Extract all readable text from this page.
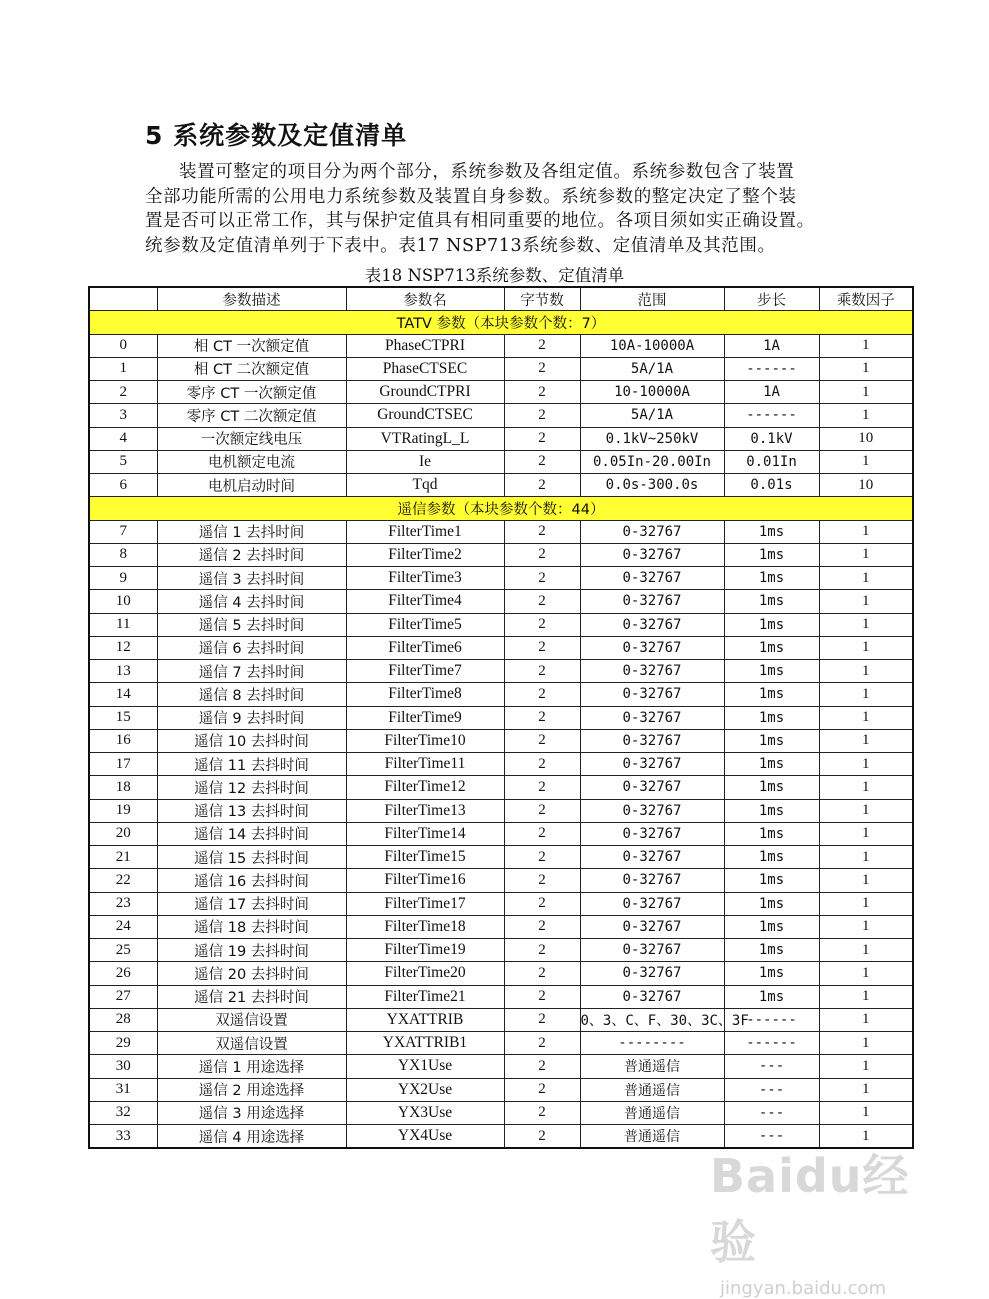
5 系统参数及定值清单
装置可整定的项目分为两个部分，系统参数及各组定值。系统参数包含了装置
全部功能所需的公用电力系统参数及装置自身参数。系统参数的整定决定了整个装
置是否可以正常工作，其与保护定值具有相同重要的地位。各项目须如实正确设置。
统参数及定值清单列于下表中。表17 NSP713系统参数、定值清单及其范围。
表18 NSP713系统参数、定值清单
	参数描述	参数名	字节数	范围	步长	乘数因子
TATV 参数（本块参数个数：7）						
0	相 CT 一次额定值	PhaseCTPRI	2	10A-10000A	1A	1
1	相 CT 二次额定值	PhaseCTSEC	2	5A/1A	------	1
2	零序 CT 一次额定值	GroundCTPRI	2	10-10000A	1A	1
3	零序 CT 二次额定值	GroundCTSEC	2	5A/1A	------	1
4	一次额定线电压	VTRatingL_L	2	0.1kV~250kV	0.1kV	10
5	电机额定电流	Ie	2	0.05In-20.00In	0.01In	1
6	电机启动时间	Tqd	2	0.0s-300.0s	0.01s	10
遥信参数（本块参数个数：44）						
7	遥信 1 去抖时间	FilterTime1	2	0-32767	1ms	1
8	遥信 2 去抖时间	FilterTime2	2	0-32767	1ms	1
9	遥信 3 去抖时间	FilterTime3	2	0-32767	1ms	1
10	遥信 4 去抖时间	FilterTime4	2	0-32767	1ms	1
11	遥信 5 去抖时间	FilterTime5	2	0-32767	1ms	1
12	遥信 6 去抖时间	FilterTime6	2	0-32767	1ms	1
13	遥信 7 去抖时间	FilterTime7	2	0-32767	1ms	1
14	遥信 8 去抖时间	FilterTime8	2	0-32767	1ms	1
15	遥信 9 去抖时间	FilterTime9	2	0-32767	1ms	1
16	遥信 10 去抖时间	FilterTime10	2	0-32767	1ms	1
17	遥信 11 去抖时间	FilterTime11	2	0-32767	1ms	1
18	遥信 12 去抖时间	FilterTime12	2	0-32767	1ms	1
19	遥信 13 去抖时间	FilterTime13	2	0-32767	1ms	1
20	遥信 14 去抖时间	FilterTime14	2	0-32767	1ms	1
21	遥信 15 去抖时间	FilterTime15	2	0-32767	1ms	1
22	遥信 16 去抖时间	FilterTime16	2	0-32767	1ms	1
23	遥信 17 去抖时间	FilterTime17	2	0-32767	1ms	1
24	遥信 18 去抖时间	FilterTime18	2	0-32767	1ms	1
25	遥信 19 去抖时间	FilterTime19	2	0-32767	1ms	1
26	遥信 20 去抖时间	FilterTime20	2	0-32767	1ms	1
27	遥信 21 去抖时间	FilterTime21	2	0-32767	1ms	1
28	双遥信设置	YXATTRIB	2	0、3、C、F、30、3C、3F	------	1
29	双遥信设置	YXATTRIB1	2	--------	------	1
30	遥信 1 用途选择	YX1Use	2	普通遥信	---	1
31	遥信 2 用途选择	YX2Use	2	普通遥信	---	1
32	遥信 3 用途选择	YX3Use	2	普通遥信	---	1
33	遥信 4 用途选择	YX4Use	2	普通遥信	---	1
Baidu经验
jingyan.baidu.com
